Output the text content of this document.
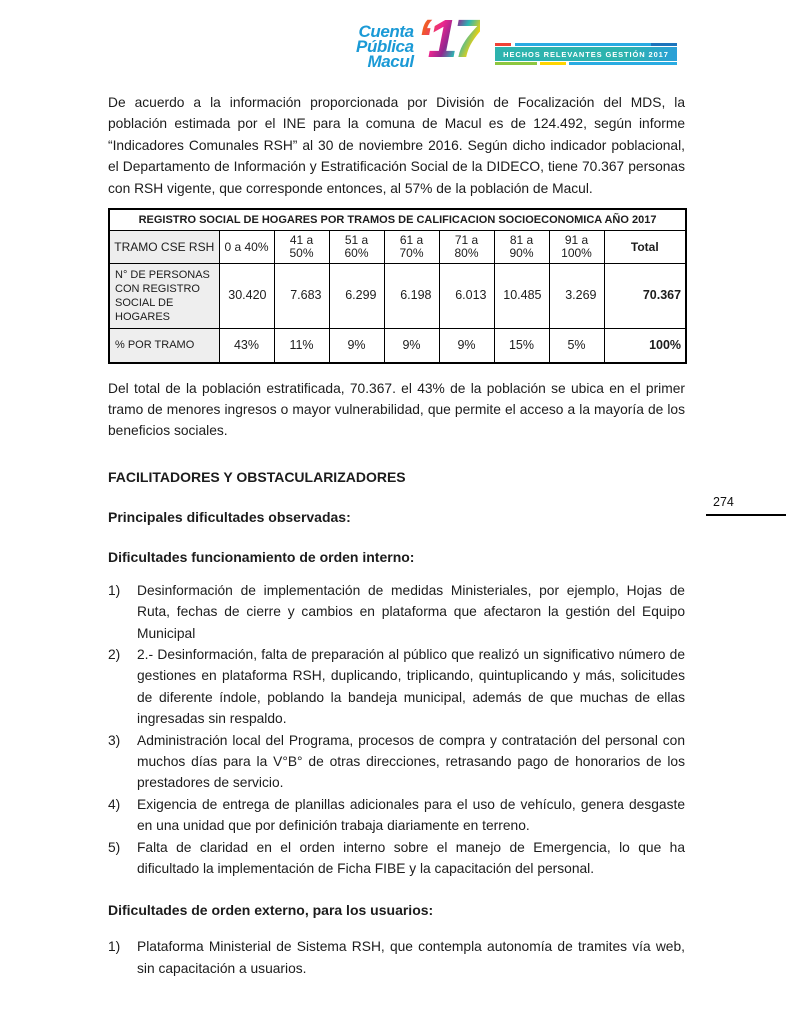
Cuenta
Pública
Macul ‘17	HECHOS RELEVANTES GESTIÓN 2017
274

De acuerdo a la información proporcionada por División de Focalización del MDS, la población estimada por el INE para la comuna de Macul es de 124.492, según informe “Indicadores Comunales RSH” al 30 de noviembre 2016. Según dicho indicador poblacional, el Departamento de Información y Estratificación Social de la DIDECO, tiene 70.367 personas con RSH vigente, que corresponde entonces, al 57% de la población de Macul.

REGISTRO SOCIAL DE HOGARES POR TRAMOS DE CALIFICACION SOCIOECONOMICA AÑO 2017								
TRAMO CSE RSH	0 a 40%	41 a 50%	51 a 60%	61 a 70%	71 a 80%	81 a 90%	91 a 100%	Total
N° DE PERSONAS CON REGISTRO SOCIAL DE HOGARES	30.420	7.683	6.299	6.198	6.013	10.485	3.269	70.367
% POR TRAMO	43%	11%	9%	9%	9%	15%	5%	100%

Del total de la población estratificada, 70.367. el 43% de la población se ubica en el primer tramo de menores ingresos o mayor vulnerabilidad, que permite el acceso a la mayoría de los beneficios sociales.

FACILITADORES Y OBSTACULARIZADORES
Principales dificultades observadas:
Dificultades funcionamiento de orden interno:
1)	Desinformación de implementación de medidas Ministeriales, por ejemplo, Hojas de Ruta, fechas de cierre y cambios en plataforma que afectaron la gestión del Equipo Municipal
2)	2.- Desinformación, falta de preparación al público que realizó un significativo número de gestiones en plataforma RSH, duplicando, triplicando, quintuplicando y más, solicitudes de diferente índole, poblando la bandeja municipal, además de que muchas de ellas ingresadas sin respaldo.
3)	Administración local del Programa, procesos de compra y contratación del personal con muchos días para la V°B° de otras direcciones, retrasando pago de honorarios de los prestadores de servicio.
4)	Exigencia de entrega de planillas adicionales para el uso de vehículo, genera desgaste en una unidad que por definición trabaja diariamente en terreno.
5)	Falta de claridad en el orden interno sobre el manejo de Emergencia, lo que ha dificultado la implementación de Ficha FIBE y la capacitación del personal.
Dificultades de orden externo, para los usuarios:
1)	Plataforma Ministerial de Sistema RSH, que contempla autonomía de tramites vía web, sin capacitación a usuarios.
